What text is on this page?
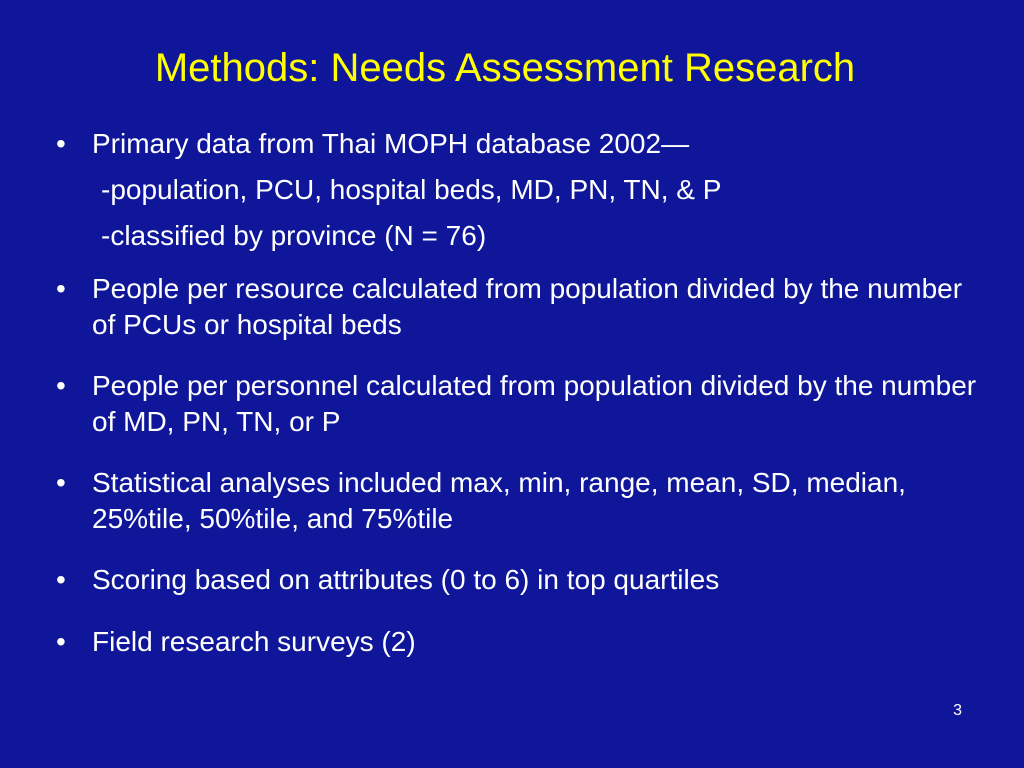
Methods: Needs Assessment Research
• Primary data from Thai MOPH database 2002—
-population, PCU, hospital beds, MD, PN, TN, & P
-classified by province (N = 76)
• People per resource calculated from population divided by the number of PCUs or hospital beds
• People per personnel calculated from population divided by the number of MD, PN, TN, or P
• Statistical analyses included max, min, range, mean, SD, median, 25%tile, 50%tile, and 75%tile
• Scoring based on attributes (0 to 6) in top quartiles
• Field research surveys (2)
3
